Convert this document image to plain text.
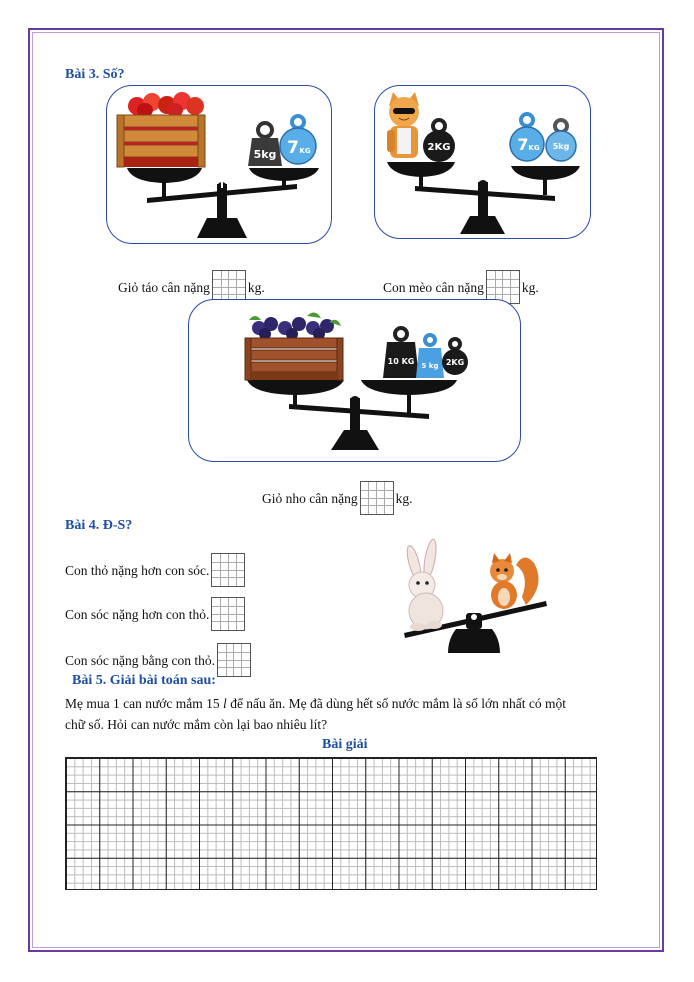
Bài 3. Số?
5kg 7 KG	2KG	7 KG 5kg
Giỏ táo cân nặng	kg.	Con mèo cân nặng	kg.
10 KG 5 kg 2KG
Giỏ nho cân nặng	kg.
Bài 4. Đ-S?
Con thỏ nặng hơn con sóc.
Con sóc nặng hơn con thỏ.
Con sóc nặng bằng con thỏ.
Bài 5. Giải bài toán sau:
Mẹ mua 1 can nước mắm 15 l để nấu ăn. Mẹ đã dùng hết số nước mắm là số lớn nhất có một
chữ số. Hỏi can nước mắm còn lại bao nhiêu lít?
Bài giải
